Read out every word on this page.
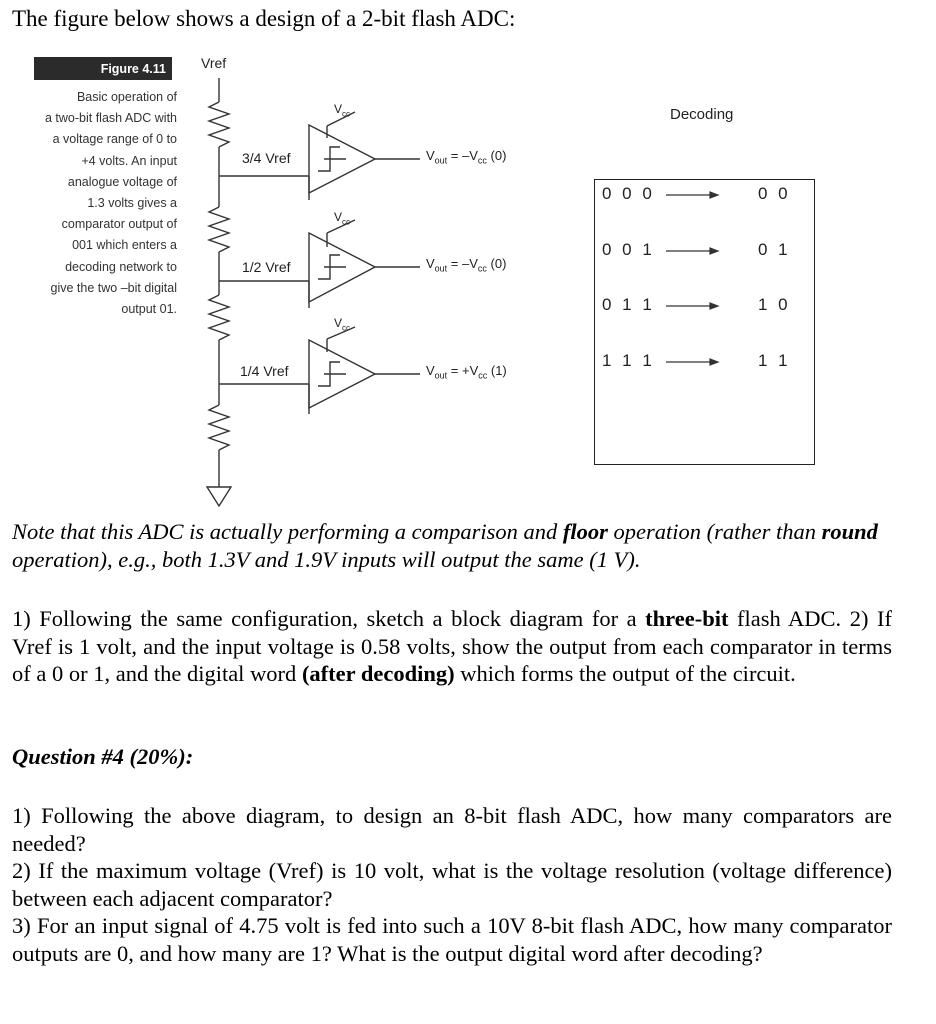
The figure below shows a design of a 2-bit flash ADC:
Figure 4.11
Basic operation of
a two-bit flash ADC with
a voltage range of 0 to
+4 volts. An input
analogue voltage of
1.3 volts gives a
comparator output of
001 which enters a
decoding network to
give the two –bit digital
output 01.
Vref
3/4 Vref
1/2 Vref
1/4 Vref
$V_{cc}$
$V_{cc}$
$V_{cc}$
$V_{out} = -V_{cc}$ (0)
$V_{out} = -V_{cc}$ (0)
$V_{out} = +V_{cc}$ (1)
Decoding
0 0 0	0 0
0 0 1	0 1
0 1 1	1 0
1 1 1	1 1
Note that this ADC is actually performing a comparison and floor operation (rather than round operation), e.g., both 1.3V and 1.9V inputs will output the same (1 V).
1) Following the same configuration, sketch a block diagram for a three-bit flash ADC. 2) If Vref is 1 volt, and the input voltage is 0.58 volts, show the output from each comparator in terms of a 0 or 1, and the digital word (after decoding) which forms the output of the circuit.
Question #4 (20%):
1) Following the above diagram, to design an 8-bit flash ADC, how many comparators are needed?
2) If the maximum voltage (Vref) is 10 volt, what is the voltage resolution (voltage difference) between each adjacent comparator?
3) For an input signal of 4.75 volt is fed into such a 10V 8-bit flash ADC, how many comparator outputs are 0, and how many are 1? What is the output digital word after decoding?
